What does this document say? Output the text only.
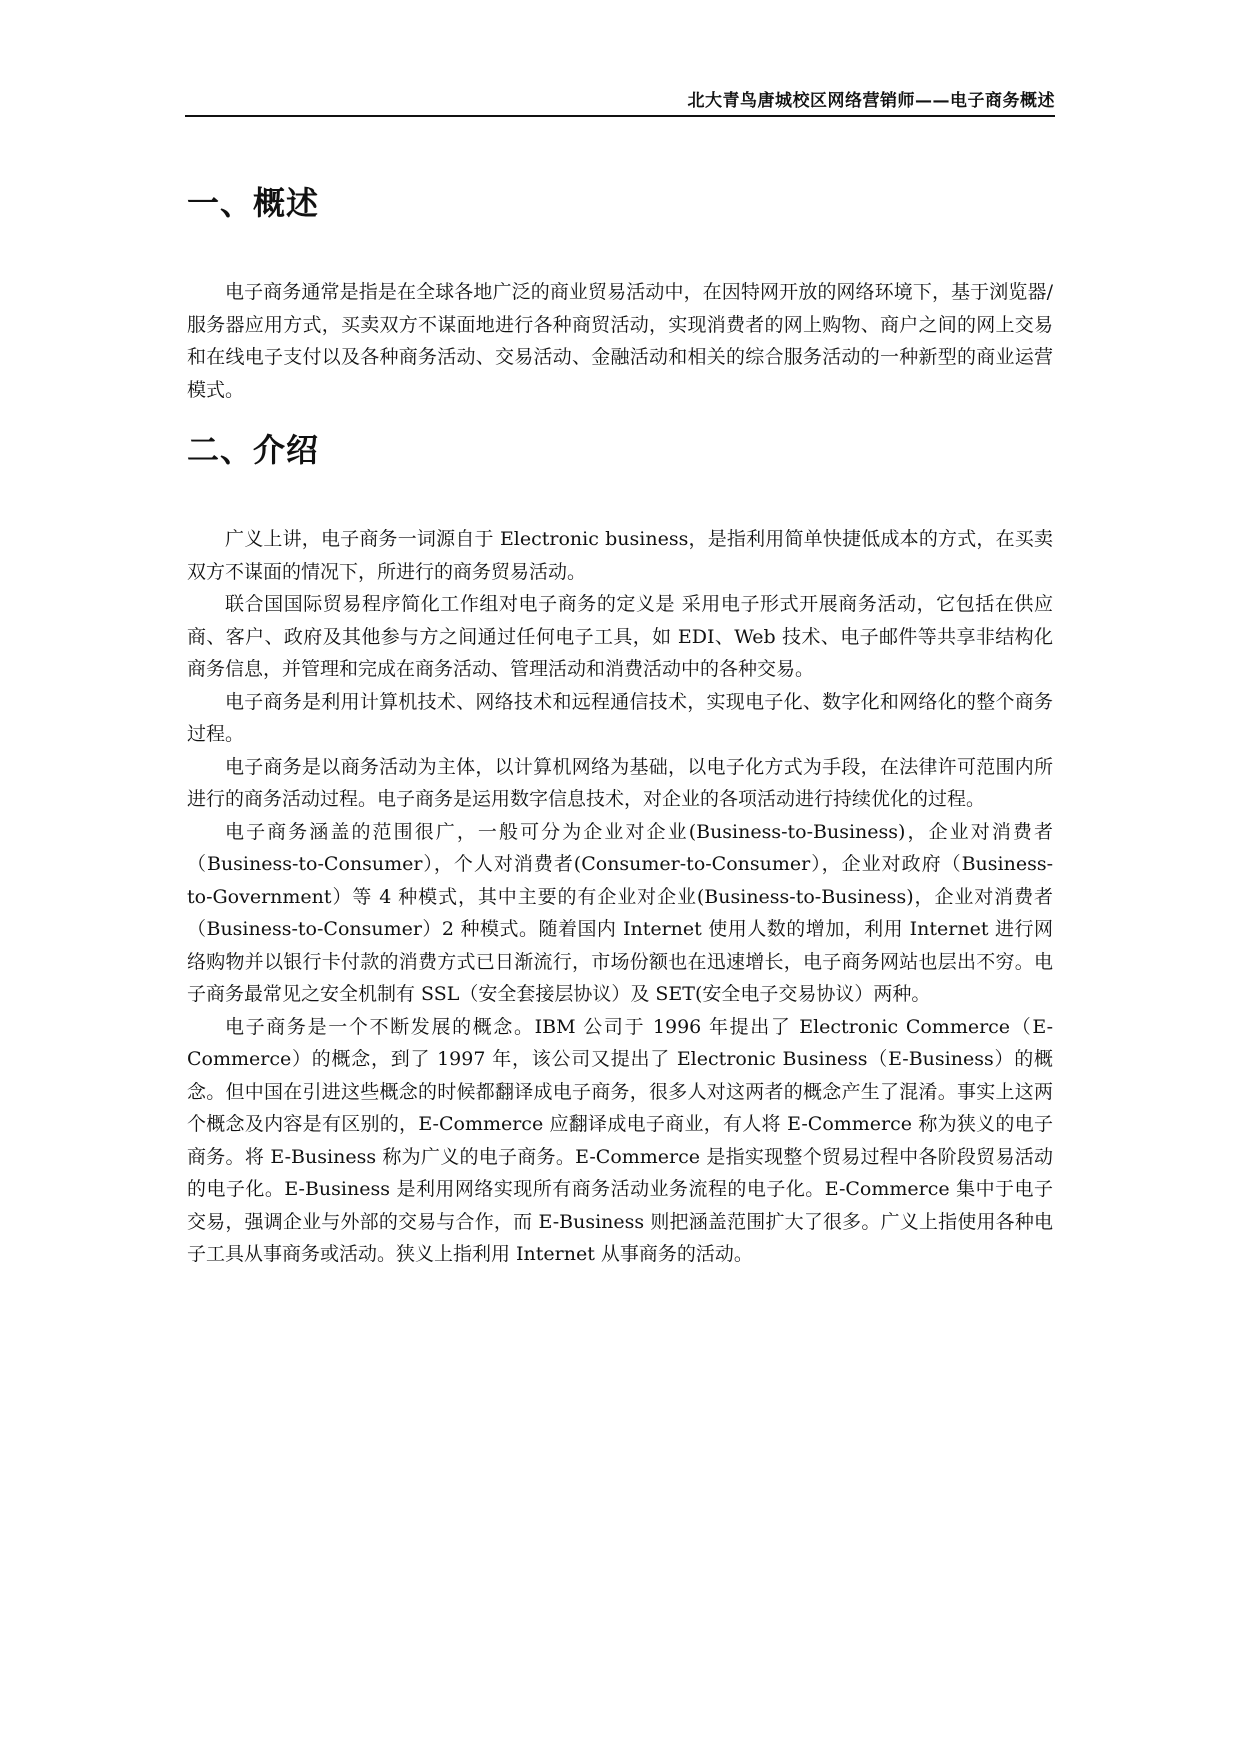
北大青鸟唐城校区网络营销师——电子商务概述
一、概述

电子商务通常是指是在全球各地广泛的商业贸易活动中，在因特网开放的网络环境下，基于浏览器/服务器应用方式，买卖双方不谋面地进行各种商贸活动，实现消费者的网上购物、商户之间的网上交易和在线电子支付以及各种商务活动、交易活动、金融活动和相关的综合服务活动的一种新型的商业运营模式。

二、介绍

广义上讲，电子商务一词源自于 Electronic business，是指利用简单快捷低成本的方式，在买卖双方不谋面的情况下，所进行的商务贸易活动。

联合国国际贸易程序简化工作组对电子商务的定义是 采用电子形式开展商务活动，它包括在供应商、客户、政府及其他参与方之间通过任何电子工具，如 EDI、Web 技术、电子邮件等共享非结构化商务信息，并管理和完成在商务活动、管理活动和消费活动中的各种交易。

电子商务是利用计算机技术、网络技术和远程通信技术，实现电子化、数字化和网络化的整个商务过程。

电子商务是以商务活动为主体，以计算机网络为基础，以电子化方式为手段，在法律许可范围内所进行的商务活动过程。电子商务是运用数字信息技术，对企业的各项活动进行持续优化的过程。

电子商务涵盖的范围很广，一般可分为企业对企业(Business-to-Business)，企业对消费者（Business-to-Consumer），个人对消费者(Consumer-to-Consumer），企业对政府（Business-to-Government）等 4 种模式，其中主要的有企业对企业(Business-to-Business)，企业对消费者（Business-to-Consumer）2 种模式。随着国内 Internet 使用人数的增加，利用 Internet 进行网络购物并以银行卡付款的消费方式已日渐流行，市场份额也在迅速增长，电子商务网站也层出不穷。电子商务最常见之安全机制有 SSL（安全套接层协议）及 SET(安全电子交易协议）两种。

电子商务是一个不断发展的概念。IBM 公司于 1996 年提出了 Electronic Commerce（E-Commerce）的概念，到了 1997 年，该公司又提出了 Electronic Business（E-Business）的概念。但中国在引进这些概念的时候都翻译成电子商务，很多人对这两者的概念产生了混淆。事实上这两个概念及内容是有区别的，E-Commerce 应翻译成电子商业，有人将 E-Commerce 称为狭义的电子商务。将 E-Business 称为广义的电子商务。E-Commerce 是指实现整个贸易过程中各阶段贸易活动的电子化。E-Business 是利用网络实现所有商务活动业务流程的电子化。E-Commerce 集中于电子交易，强调企业与外部的交易与合作，而 E-Business 则把涵盖范围扩大了很多。广义上指使用各种电子工具从事商务或活动。狭义上指利用 Internet 从事商务的活动。
